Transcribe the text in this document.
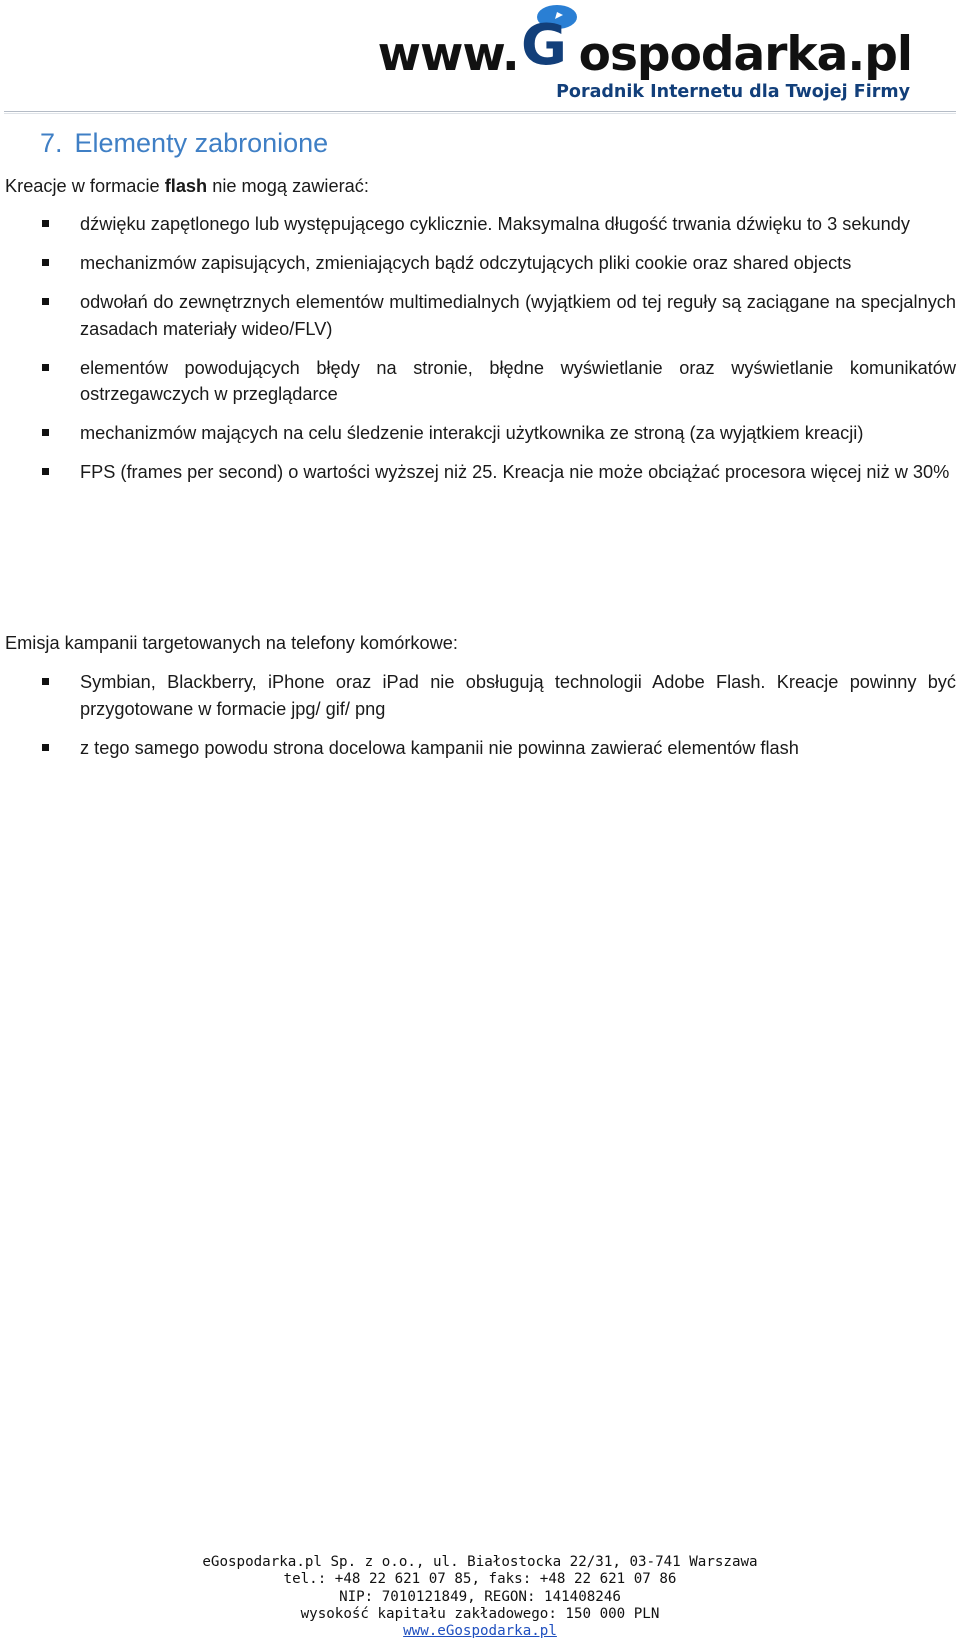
www. G ospodarka.pl
Poradnik Internetu dla Twojej Firmy
7. Elementy zabronione
Kreacje w formacie flash nie mogą zawierać:
dźwięku zapętlonego lub występującego cyklicznie. Maksymalna długość trwania dźwięku to 3 sekundy
mechanizmów zapisujących, zmieniających bądź odczytujących pliki cookie oraz shared objects
odwołań do zewnętrznych elementów multimedialnych (wyjątkiem od tej reguły są zaciągane na specjalnych zasadach materiały wideo/FLV)
elementów powodujących błędy na stronie, błędne wyświetlanie oraz wyświetlanie komunikatów ostrzegawczych w przeglądarce
mechanizmów mających na celu śledzenie interakcji użytkownika ze stroną (za wyjątkiem kreacji)
FPS (frames per second) o wartości wyższej niż 25. Kreacja nie może obciążać procesora więcej niż w 30%
Emisja kampanii targetowanych na telefony komórkowe:
Symbian, Blackberry, iPhone oraz iPad nie obsługują technologii Adobe Flash. Kreacje powinny być przygotowane w formacie jpg/ gif/ png
z tego samego powodu strona docelowa kampanii nie powinna zawierać elementów flash
eGospodarka.pl Sp. z o.o., ul. Białostocka 22/31, 03-741 Warszawa
tel.: +48 22 621 07 85, faks: +48 22 621 07 86
NIP: 7010121849, REGON: 141408246
wysokość kapitału zakładowego: 150 000 PLN
www.eGospodarka.pl
